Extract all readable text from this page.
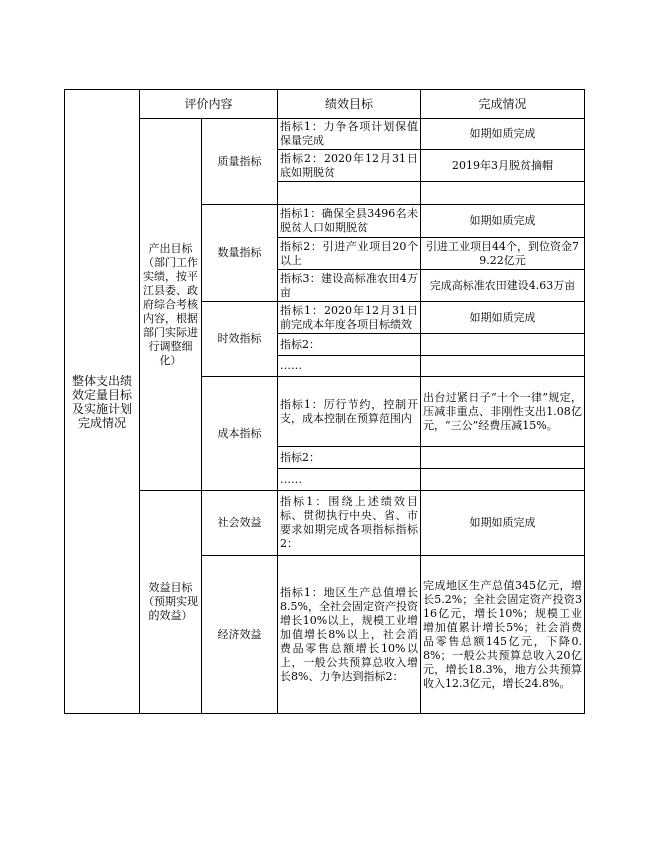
整体支出绩效定量目标及实施计划完成情况	评价内容		绩效目标	完成情况
	产出目标（部门工作实绩，按平江县委、政府综合考核内容，根据部门实际进行调整细化）	质量指标	指标1：力争各项计划保值保量完成	如期如质完成
			指标2：2020年12月31日底如期脱贫	2019年3月脱贫摘帽

		数量指标	指标1：确保全县3496名未脱贫人口如期脱贫	如期如质完成
			指标2：引进产业项目20个以上	引进工业项目44个，到位资金79.22亿元
			指标3：建设高标准农田4万亩	完成高标准农田建设4.63万亩
		时效指标	指标1：2020年12月31日前完成本年度各项目标绩效	如期如质完成
			指标2：	
			……	
		成本指标	指标1：厉行节约，控制开支，成本控制在预算范围内	出台过紧日子“十个一律”规定，压减非重点、非刚性支出1.08亿元，“三公”经费压减15%。
			指标2：	
			……	
	效益目标（预期实现的效益）	社会效益	指标1：围绕上述绩效目标、贯彻执行中央、省、市要求如期完成各项指标指标2：	如期如质完成
		经济效益	指标1：地区生产总值增长8.5%，全社会固定资产投资增长10%以上，规模工业增加值增长8%以上，社会消费品零售总额增长10%以上，一般公共预算总收入增长8%、力争达到指标2：	完成地区生产总值345亿元，增长5.2%；全社会固定资产投资316亿元，增长10%；规模工业增加值累计增长5%；社会消费品零售总额145亿元，下降0.8%；一般公共预算总收入20亿元，增长18.3%，地方公共预算收入12.3亿元，增长24.8%。
